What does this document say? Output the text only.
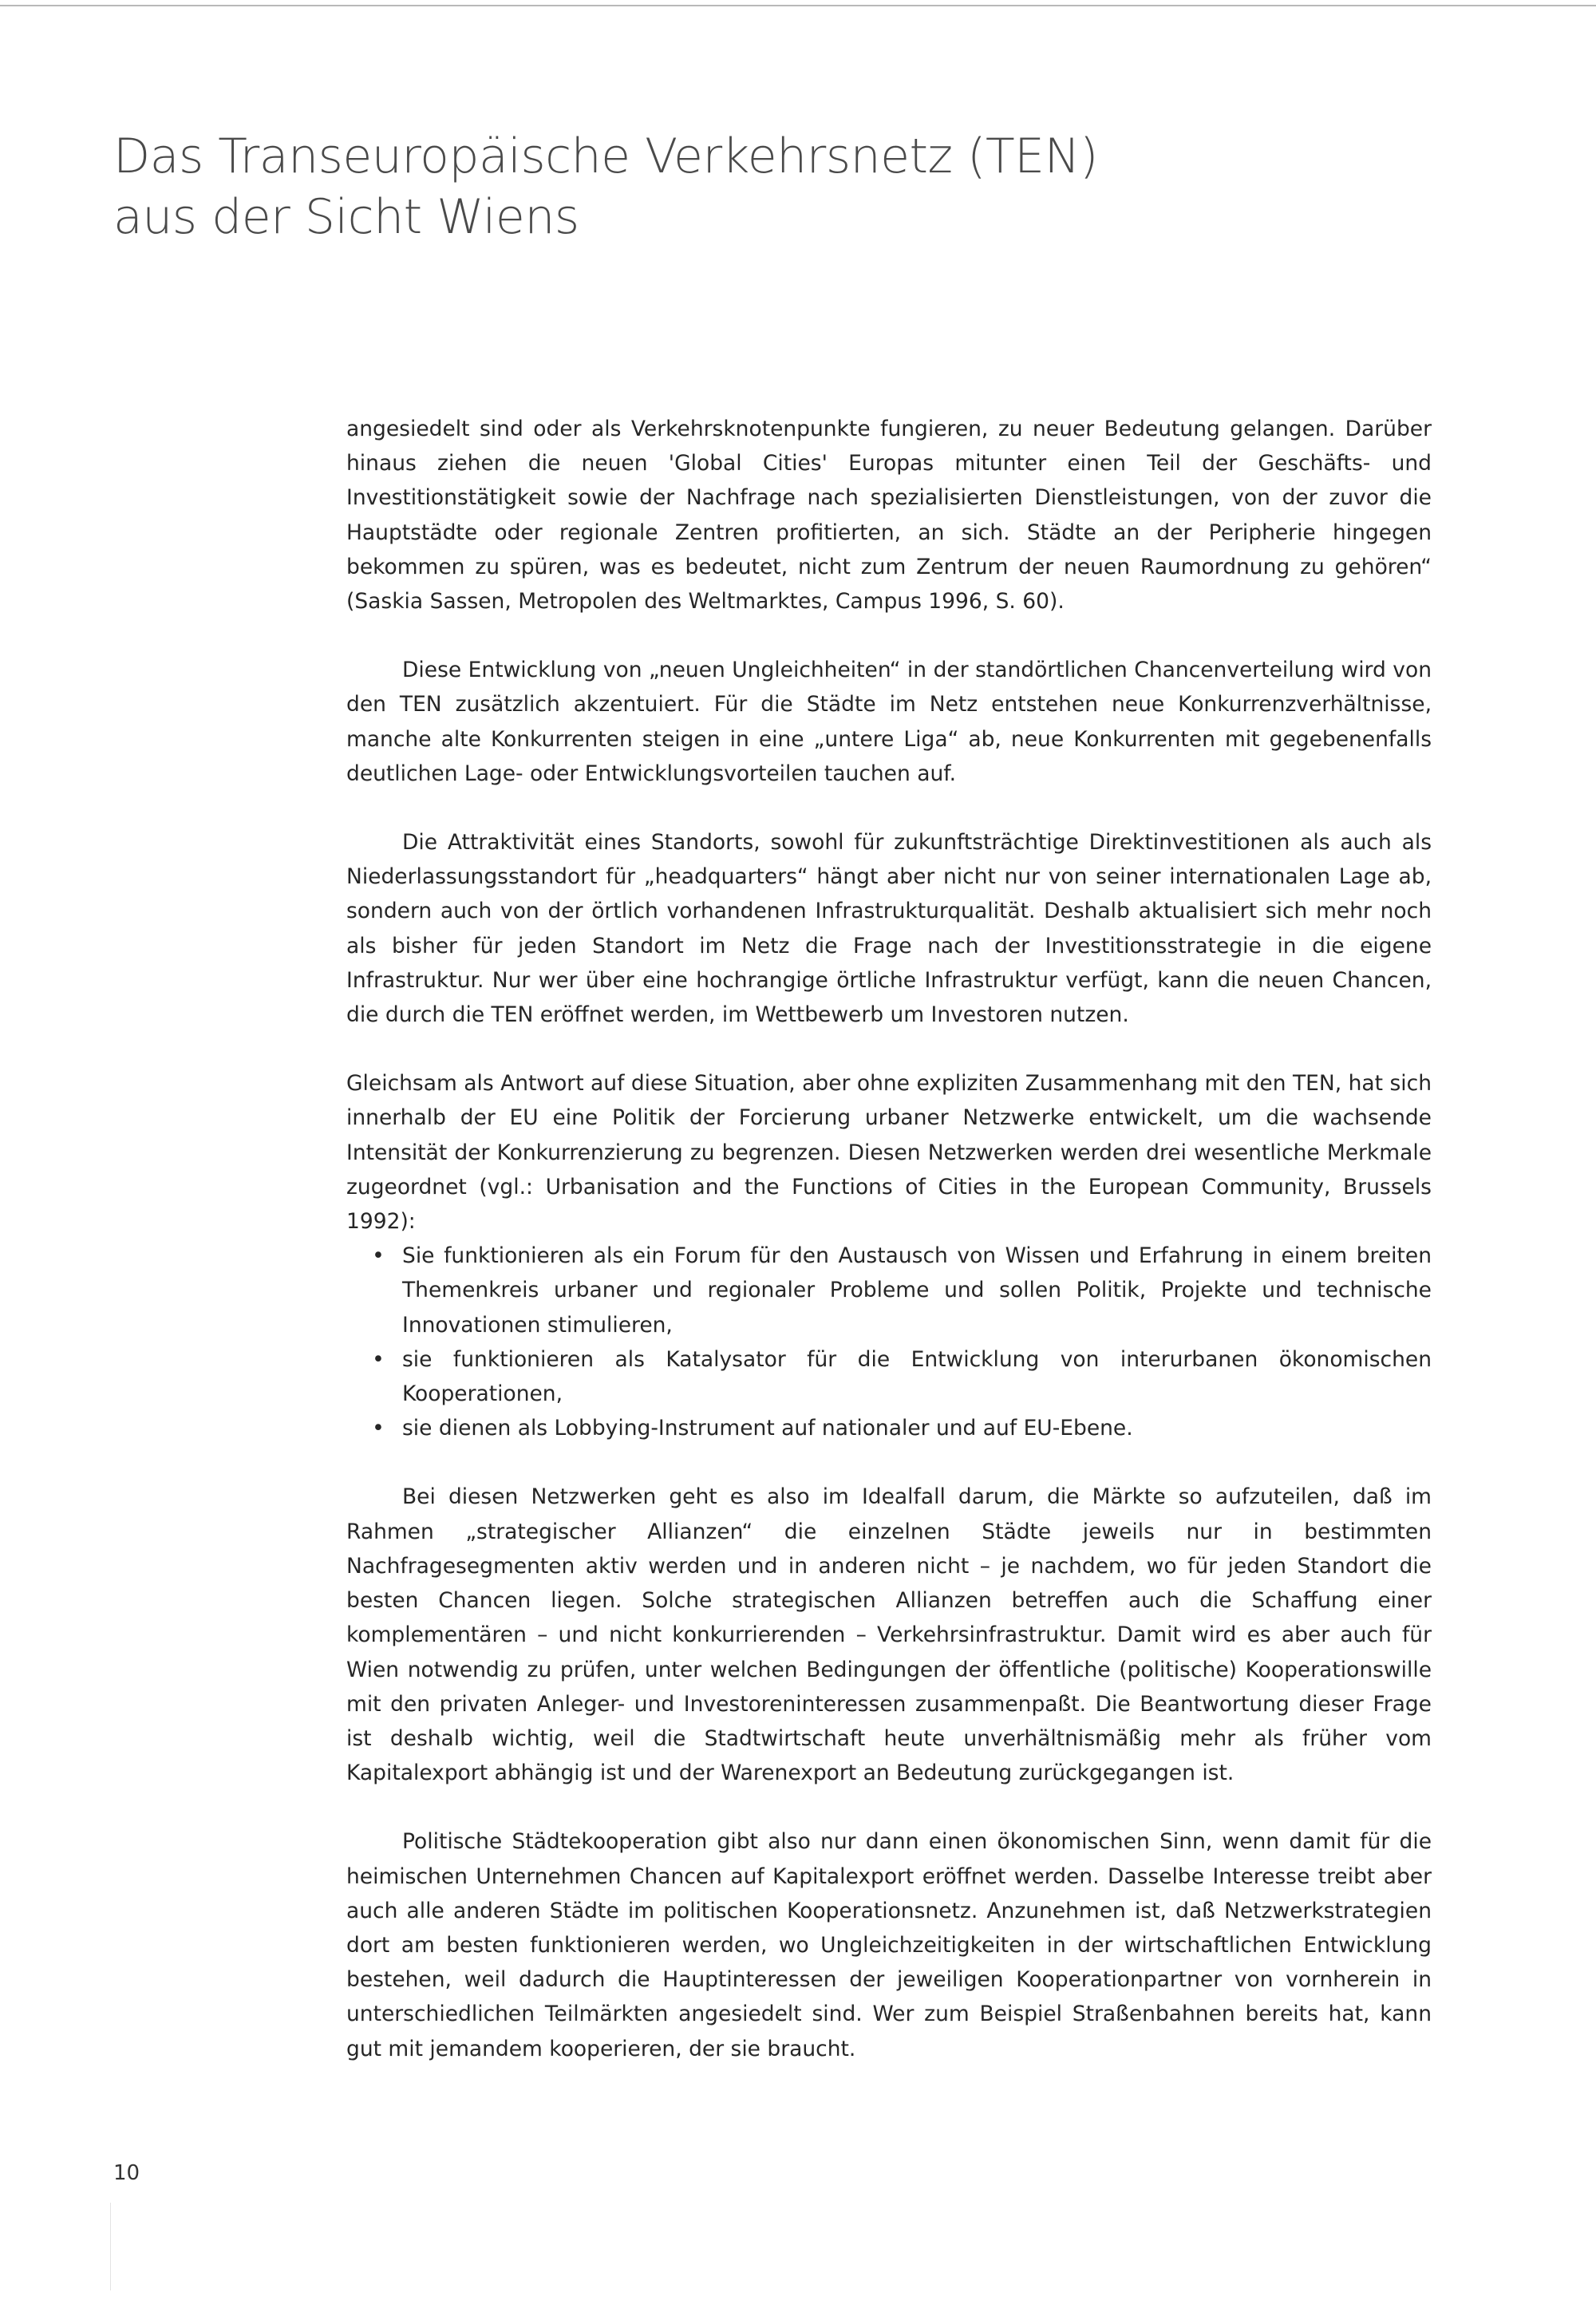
Das Transeuropäische Verkehrsnetz (TEN)
aus der Sicht Wiens

angesiedelt sind oder als Verkehrsknotenpunkte fungieren, zu neuer Bedeutung gelangen. Darüber hinaus ziehen die neuen 'Global Cities' Europas mitunter einen Teil der Geschäfts- und Investitionstätigkeit sowie der Nachfrage nach spezialisierten Dienstleistungen, von der zuvor die Hauptstädte oder regionale Zentren profitierten, an sich. Städte an der Peripherie hingegen bekommen zu spüren, was es bedeutet, nicht zum Zentrum der neuen Raumordnung zu gehören“ (Saskia Sassen, Metropolen des Weltmarktes, Campus 1996, S. 60).

Diese Entwicklung von „neuen Ungleichheiten“ in der standörtlichen Chancenverteilung wird von den TEN zusätzlich akzentuiert. Für die Städte im Netz entstehen neue Konkurrenzverhältnisse, manche alte Konkurrenten steigen in eine „untere Liga“ ab, neue Konkurrenten mit gegebenenfalls deutlichen Lage- oder Entwicklungsvorteilen tauchen auf.

Die Attraktivität eines Standorts, sowohl für zukunftsträchtige Direktinvestitionen als auch als Niederlassungsstandort für „headquarters“ hängt aber nicht nur von seiner internationalen Lage ab, sondern auch von der örtlich vorhandenen Infrastrukturqualität. Deshalb aktualisiert sich mehr noch als bisher für jeden Standort im Netz die Frage nach der Investitionsstrategie in die eigene Infrastruktur. Nur wer über eine hochrangige örtliche Infrastruktur verfügt, kann die neuen Chancen, die durch die TEN eröffnet werden, im Wettbewerb um Investoren nutzen.

Gleichsam als Antwort auf diese Situation, aber ohne expliziten Zusammenhang mit den TEN, hat sich innerhalb der EU eine Politik der Forcierung urbaner Netzwerke entwickelt, um die wachsende Intensität der Konkurrenzierung zu begrenzen. Diesen Netzwerken werden drei wesentliche Merkmale zugeordnet (vgl.: Urbanisation and the Functions of Cities in the European Community, Brussels 1992):

• Sie funktionieren als ein Forum für den Austausch von Wissen und Erfahrung in einem breiten Themenkreis urbaner und regionaler Probleme und sollen Politik, Projekte und technische Innovationen stimulieren,
• sie funktionieren als Katalysator für die Entwicklung von interurbanen ökonomischen Kooperationen,
• sie dienen als Lobbying-Instrument auf nationaler und auf EU-Ebene.

Bei diesen Netzwerken geht es also im Idealfall darum, die Märkte so aufzuteilen, daß im Rahmen „strategischer Allianzen“ die einzelnen Städte jeweils nur in bestimmten Nachfragesegmenten aktiv werden und in anderen nicht – je nachdem, wo für jeden Standort die besten Chancen liegen. Solche strategischen Allianzen betreffen auch die Schaffung einer komplementären – und nicht konkurrierenden – Verkehrsinfrastruktur. Damit wird es aber auch für Wien notwendig zu prüfen, unter welchen Bedingungen der öffentliche (politische) Kooperationswille mit den privaten Anleger- und Investoreninteressen zusammenpaßt. Die Beantwortung dieser Frage ist deshalb wichtig, weil die Stadtwirtschaft heute unverhältnismäßig mehr als früher vom Kapitalexport abhängig ist und der Warenexport an Bedeutung zurückgegangen ist.

Politische Städtekooperation gibt also nur dann einen ökonomischen Sinn, wenn damit für die heimischen Unternehmen Chancen auf Kapitalexport eröffnet werden. Dasselbe Interesse treibt aber auch alle anderen Städte im politischen Kooperationsnetz. Anzunehmen ist, daß Netzwerkstrategien dort am besten funktionieren werden, wo Ungleichzeitigkeiten in der wirtschaftlichen Entwicklung bestehen, weil dadurch die Hauptinteressen der jeweiligen Kooperationpartner von vornherein in unterschiedlichen Teilmärkten angesiedelt sind. Wer zum Beispiel Straßenbahnen bereits hat, kann gut mit jemandem kooperieren, der sie braucht.

10
